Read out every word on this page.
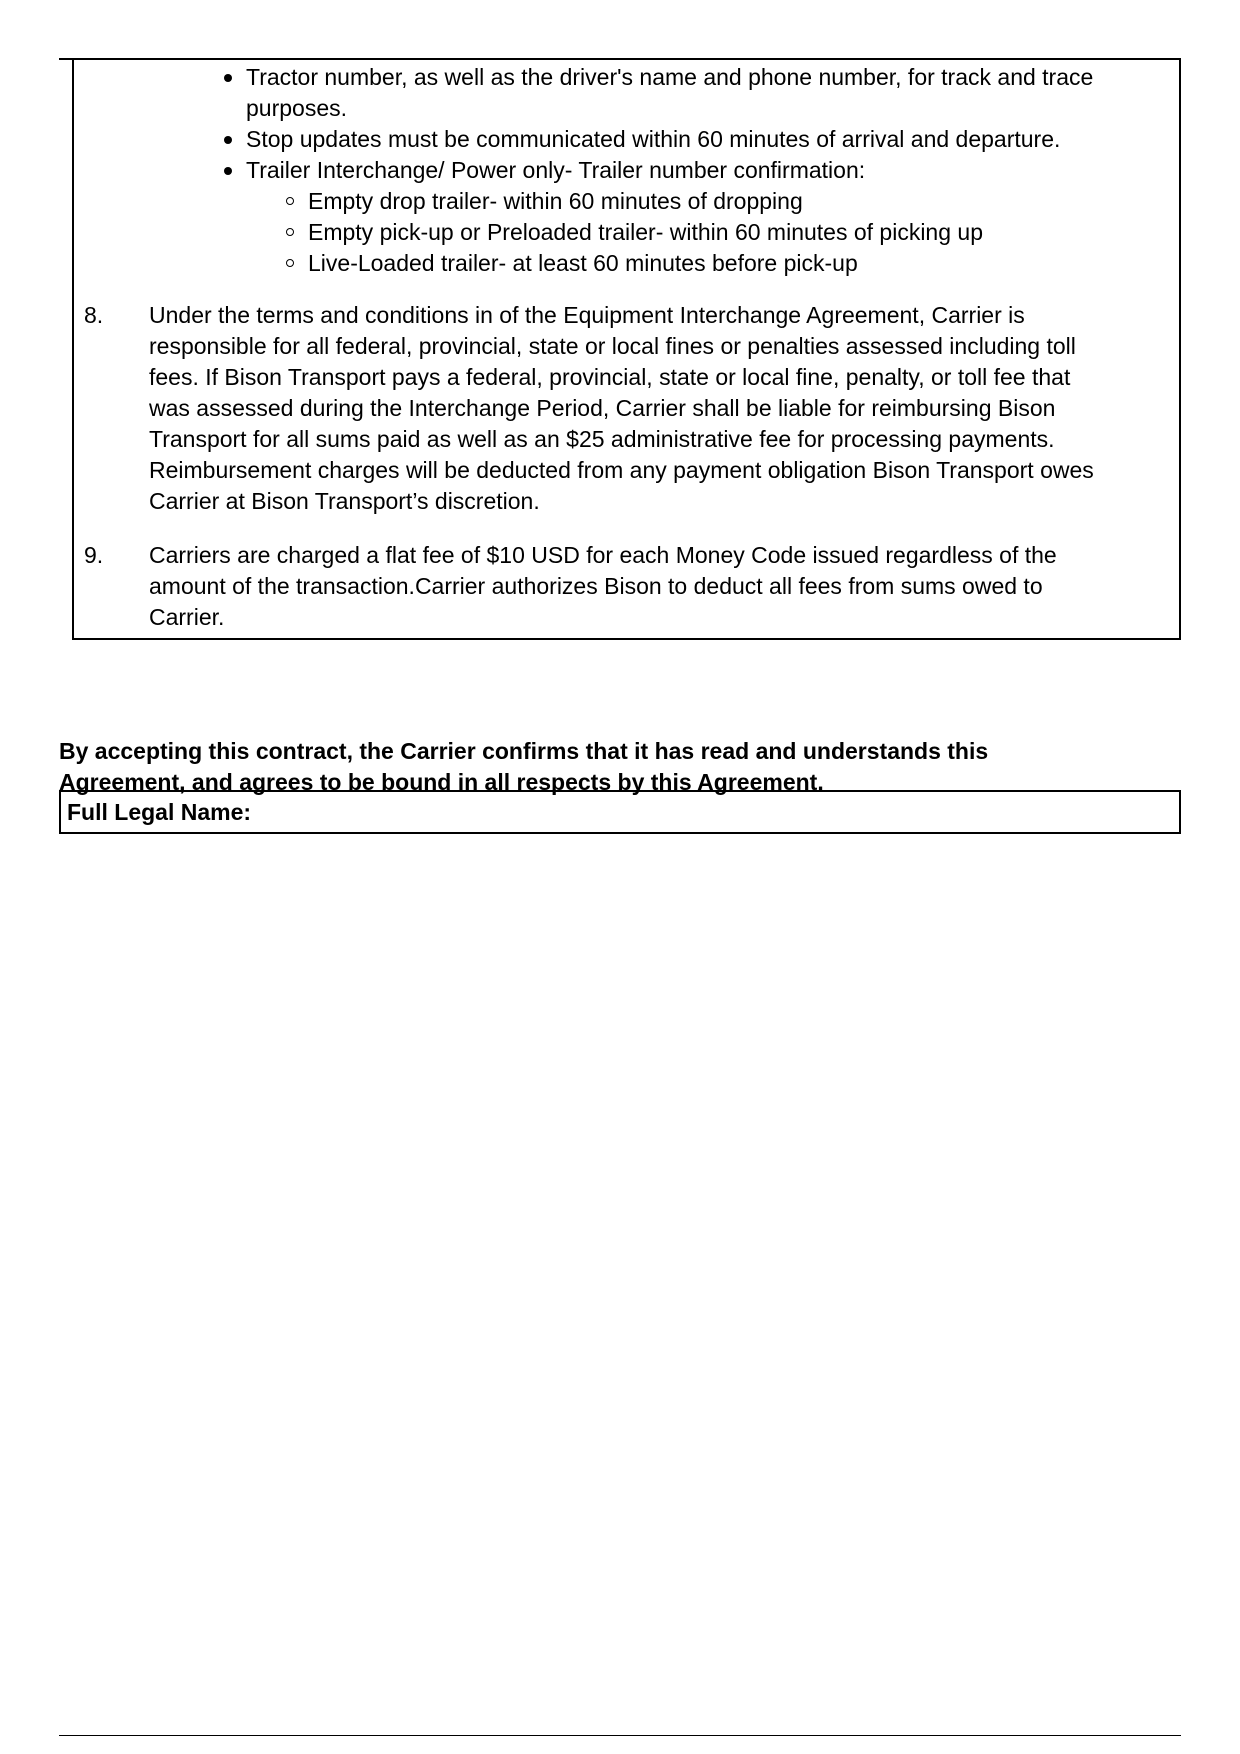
Tractor number, as well as the driver's name and phone number, for track and trace
purposes.
Stop updates must be communicated within 60 minutes of arrival and departure.
Trailer Interchange/ Power only- Trailer number confirmation:
Empty drop trailer- within 60 minutes of dropping
Empty pick-up or Preloaded trailer- within 60 minutes of picking up
Live-Loaded trailer- at least 60 minutes before pick-up
8. Under the terms and conditions in of the Equipment Interchange Agreement, Carrier is
responsible for all federal, provincial, state or local fines or penalties assessed including toll
fees. If Bison Transport pays a federal, provincial, state or local fine, penalty, or toll fee that
was assessed during the Interchange Period, Carrier shall be liable for reimbursing Bison
Transport for all sums paid as well as an $25 administrative fee for processing payments.
Reimbursement charges will be deducted from any payment obligation Bison Transport owes
Carrier at Bison Transport’s discretion.
9. Carriers are charged a flat fee of $10 USD for each Money Code issued regardless of the
amount of the transaction.Carrier authorizes Bison to deduct all fees from sums owed to
Carrier.
By accepting this contract, the Carrier confirms that it has read and understands this
Agreement, and agrees to be bound in all respects by this Agreement.
Full Legal Name:
